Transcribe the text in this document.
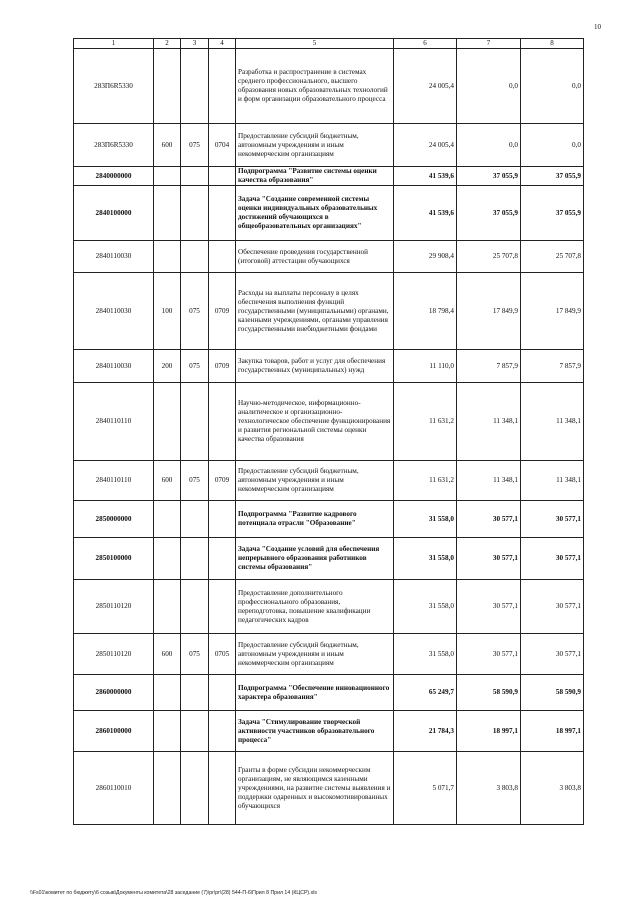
10
1	2	3	4	5	6	7	8
283П6R5330				Разработка и распространение в системах среднего профессионального, высшего образования новых образовательных технологий и форм организации образовательного процесса	24 005,4	0,0	0,0
283П6R5330	600	075	0704	Предоставление субсидий бюджетным, автономным учреждениям и иным некоммерческим организациям	24 005,4	0,0	0,0
2840000000				Подпрограмма "Развитие системы оценки качества образования"	41 539,6	37 055,9	37 055,9
2840100000				Задача "Создание современной системы оценки индивидуальных образовательных достижений обучающихся в общеобразовательных организациях"	41 539,6	37 055,9	37 055,9
2840110030				Обеспечение проведения государственной (итоговой) аттестации обучающихся	29 908,4	25 707,8	25 707,8
2840110030	100	075	0709	Расходы на выплаты персоналу в целях обеспечения выполнения функций государственными (муниципальными) органами, казенными учреждениями, органами управления государственными внебюджетными фондами	18 798,4	17 849,9	17 849,9
2840110030	200	075	0709	Закупка товаров, работ и услуг для обеспечения государственных (муниципальных) нужд	11 110,0	7 857,9	7 857,9
2840110110				Научно-методическое, информационно-аналитическое и организационно-технологическое обеспечение функционирования и развития региональной системы оценки качества образования	11 631,2	11 348,1	11 348,1
2840110110	600	075	0709	Предоставление субсидий бюджетным, автономным учреждениям и иным некоммерческим организациям	11 631,2	11 348,1	11 348,1
2850000000				Подпрограмма "Развитие кадрового потенциала отрасли "Образование"	31 558,0	30 577,1	30 577,1
2850100000				Задача "Создание условий для обеспечения непрерывного образования работников системы образования"	31 558,0	30 577,1	30 577,1
2850110120				Предоставление дополнительного профессионального образования, переподготовка, повышение квалификации педагогических кадров	31 558,0	30 577,1	30 577,1
2850110120	600	075	0705	Предоставление субсидий бюджетным, автономным учреждениям и иным некоммерческим организациям	31 558,0	30 577,1	30 577,1
2860000000				Подпрограмма "Обеспечение инновационного характера образования"	65 249,7	58 590,9	58 590,9
2860100000				Задача "Стимулирование творческой активности участников образовательного процесса"	21 784,3	18 997,1	18 997,1
2860110010				Гранты в форме субсидии некоммерческим организациям, не являющимся казенными учреждениями, на развитие системы выявления и поддержки одаренных и высокомотивированных обучающихся	5 071,7	3 803,8	3 803,8
\\Fs01\комитет по бюджету\6 созыв\Документы комитета\28 заседание (7)\pr\pr\(28) 544-П-6\Прил 8 Прил 14 (КЦСР).xls
